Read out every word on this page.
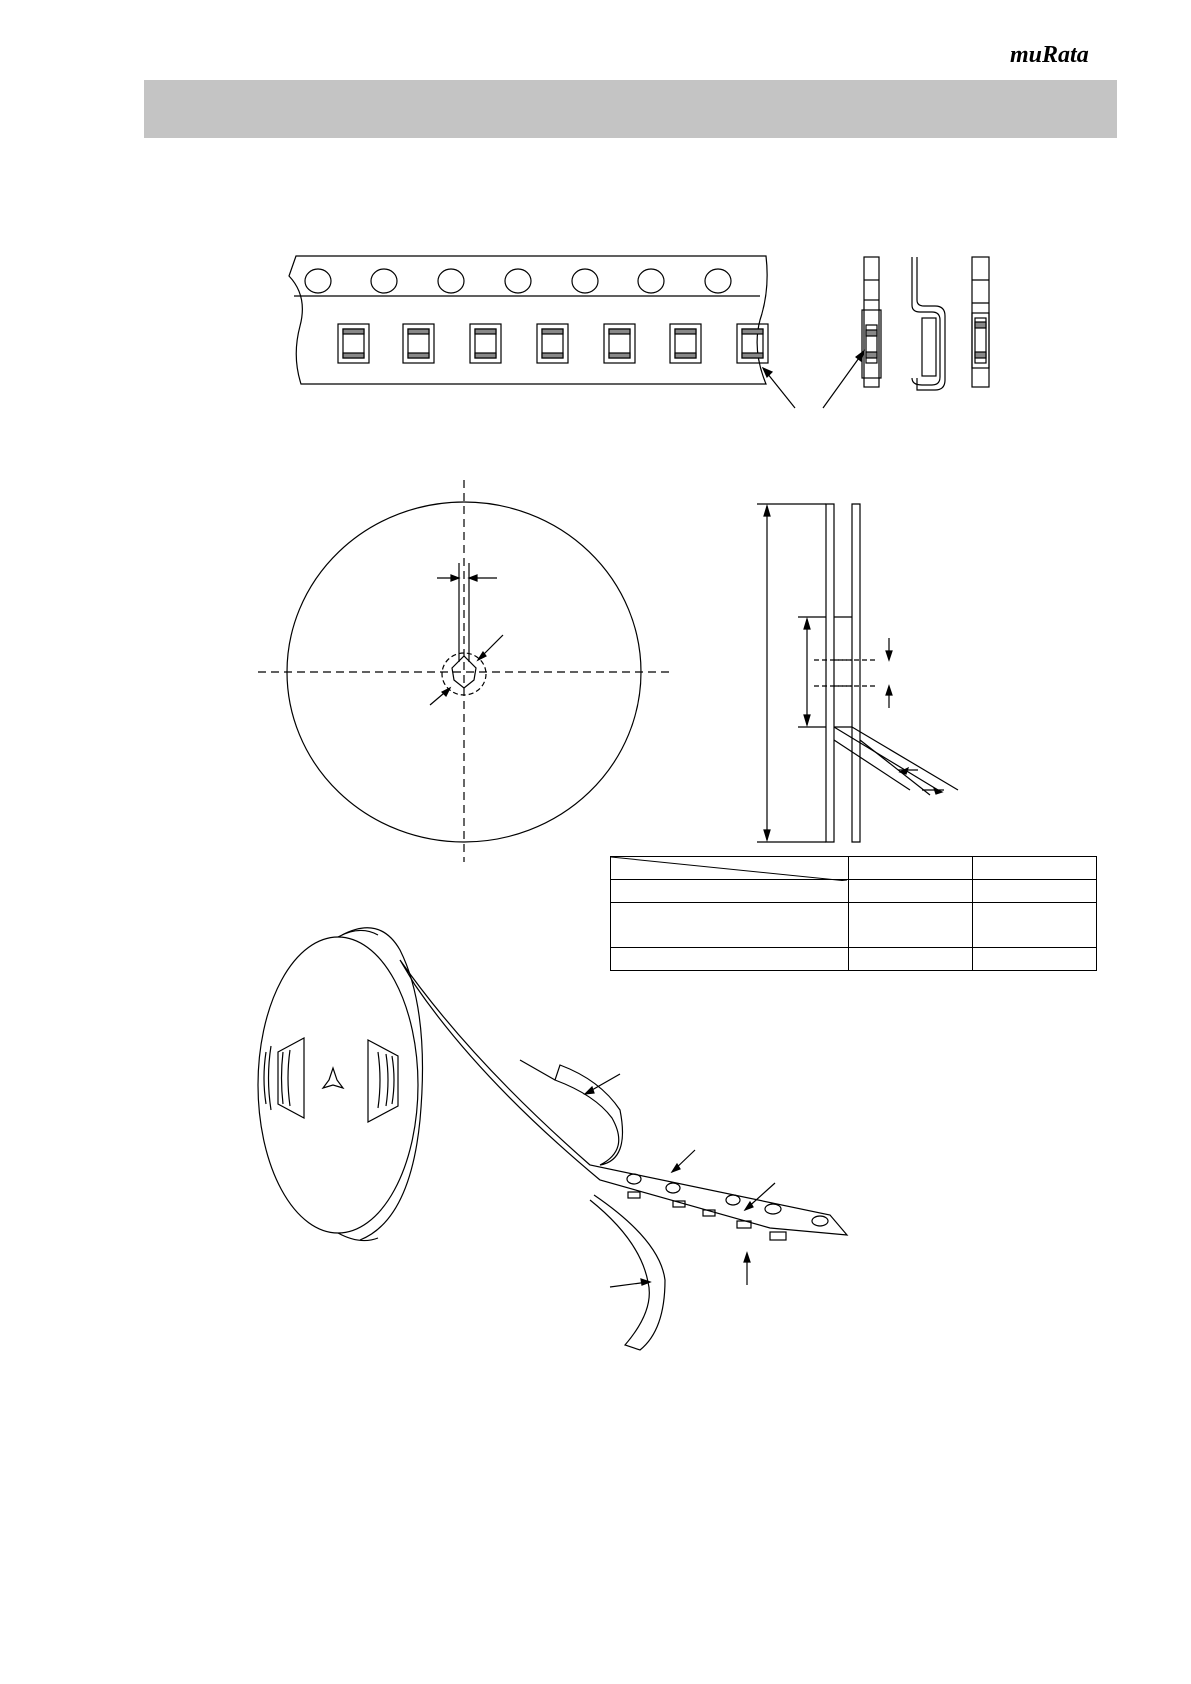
muRata
